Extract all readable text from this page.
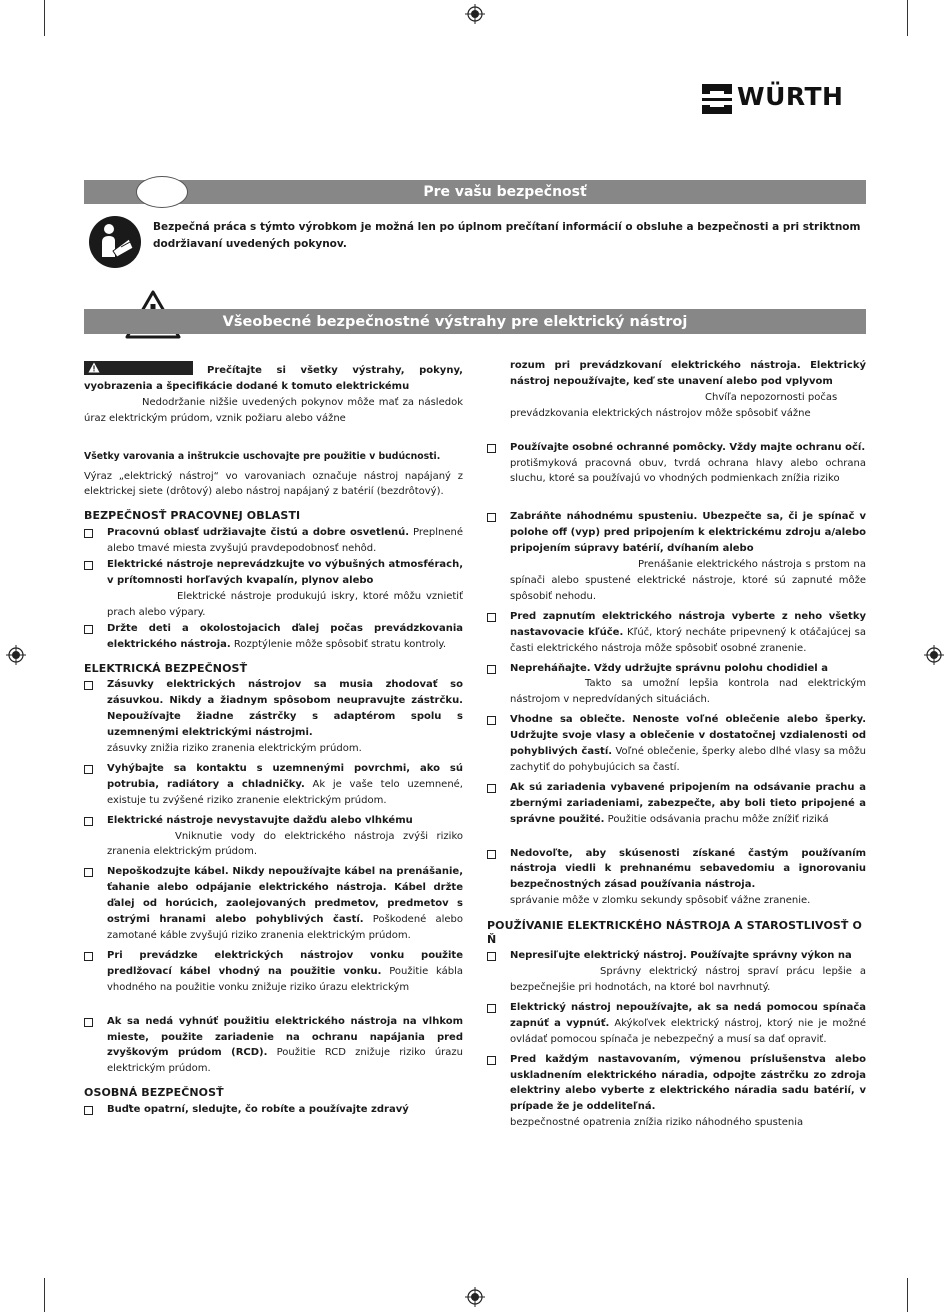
WÜRTH
Pre vašu bezpečnosť
Bezpečná práca s týmto výrobkom je možná len po úplnom prečítaní informácií o obsluhe a bezpečnosti a pri striktnom dodržiavaní uvedených pokynov.
Všeobecné bezpečnostné výstrahy pre elektrický nástroj

Prečítajte si všetky výstrahy, pokyny, vyobrazenia a špecifikácie dodané k tomuto elektrickému
Nedodržanie nižšie uvedených pokynov môže mať za následok úraz elektrickým prúdom, vznik požiaru alebo vážne

Všetky varovania a inštrukcie uschovajte pre použitie v budúcnosti.

Výraz „elektrický nástroj“ vo varovaniach označuje nástroj napájaný z elektrickej siete (drôtový) alebo nástroj napájaný z batérií (bezdrôtový).

BEZPEČNOSŤ PRACOVNEJ OBLASTI
Pracovnú oblasť udržiavajte čistú a dobre osvetlenú. Preplnené alebo tmavé miesta zvyšujú pravdepodobnosť nehôd.
Elektrické nástroje neprevádzkujte vo výbušných atmosférach, v prítomnosti horľavých kvapalín, plynov alebo
Elektrické nástroje produkujú iskry, ktoré môžu vznietiť prach alebo výpary.
Držte deti a okolostojacich ďalej počas prevádzkovania elektrického nástroja. Rozptýlenie môže spôsobiť stratu kontroly.
ELEKTRICKÁ BEZPEČNOSŤ
Zásuvky elektrických nástrojov sa musia zhodovať so zásuvkou. Nikdy a žiadnym spôsobom neupravujte zástrčku. Nepoužívajte žiadne zástrčky s adaptérom spolu s uzemnenými elektrickými nástrojmi.
zásuvky znižia riziko zranenia elektrickým prúdom.
Vyhýbajte sa kontaktu s uzemnenými povrchmi, ako sú potrubia, radiátory a chladničky. Ak je vaše telo uzemnené, existuje tu zvýšené riziko zranenie elektrickým prúdom.
Elektrické nástroje nevystavujte dažďu alebo vlhkému
Vniknutie vody do elektrického nástroja zvýši riziko zranenia elektrickým prúdom.
Nepoškodzujte kábel. Nikdy nepoužívajte kábel na prenášanie, ťahanie alebo odpájanie elektrického nástroja. Kábel držte ďalej od horúcich, zaolejovaných predmetov, predmetov s ostrými hranami alebo pohyblivých častí. Poškodené alebo zamotané káble zvyšujú riziko zranenia elektrickým prúdom.
Pri prevádzke elektrických nástrojov vonku použite predlžovací kábel vhodný na použitie vonku. Použitie kábla vhodného na použitie vonku znižuje riziko úrazu elektrickým
Ak sa nedá vyhnúť použitiu elektrického nástroja na vlhkom mieste, použite zariadenie na ochranu napájania pred zvyškovým prúdom (RCD). Použitie RCD znižuje riziko úrazu elektrickým prúdom.
OSOBNÁ BEZPEČNOSŤ
Buďte opatrní, sledujte, čo robíte a používajte zdravý
rozum pri prevádzkovaní elektrického nástroja. Elektrický nástroj nepoužívajte, keď ste unavení alebo pod vplyvom
Chvíľa nepozornosti počas
prevádzkovania elektrických nástrojov môže spôsobiť vážne
Používajte osobné ochranné pomôcky. Vždy majte ochranu očí.
protišmyková pracovná obuv, tvrdá ochrana hlavy alebo ochrana sluchu, ktoré sa používajú vo vhodných podmienkach znížia riziko
Zabráňte náhodnému spusteniu. Ubezpečte sa, či je spínač v polohe off (vyp) pred pripojením k elektrickému zdroju a/alebo pripojením súpravy batérií, dvíhaním alebo
Prenášanie elektrického nástroja s prstom na spínači alebo spustené elektrické nástroje, ktoré sú zapnuté môže spôsobiť nehodu.
Pred zapnutím elektrického nástroja vyberte z neho všetky nastavovacie kľúče. Kľúč, ktorý necháte pripevnený k otáčajúcej sa časti elektrického nástroja môže spôsobiť osobné zranenie.
Nepreháňajte. Vždy udržujte správnu polohu chodidiel a
Takto sa umožní lepšia kontrola nad elektrickým nástrojom v nepredvídaných situáciách.
Vhodne sa oblečte. Nenoste voľné oblečenie alebo šperky. Udržujte svoje vlasy a oblečenie v dostatočnej vzdialenosti od pohyblivých častí. Voľné oblečenie, šperky alebo dlhé vlasy sa môžu zachytiť do pohybujúcich sa častí.
Ak sú zariadenia vybavené pripojením na odsávanie prachu a zbernými zariadeniami, zabezpečte, aby boli tieto pripojené a správne použité. Použitie odsávania prachu môže znížiť riziká
Nedovoľte, aby skúsenosti získané častým používaním nástroja viedli k prehnanému sebavedomiu a ignorovaniu bezpečnostných zásad používania nástroja.
správanie môže v zlomku sekundy spôsobiť vážne zranenie.
POUŽÍVANIE ELEKTRICKÉHO NÁSTROJA A STAROSTLIVOSŤ O Ň
Nepresiľujte elektrický nástroj. Používajte správny výkon na
Správny elektrický nástroj spraví prácu lepšie a bezpečnejšie pri hodnotách, na ktoré bol navrhnutý.
Elektrický nástroj nepoužívajte, ak sa nedá pomocou spínača zapnúť a vypnúť. Akýkoľvek elektrický nástroj, ktorý nie je možné ovládať pomocou spínača je nebezpečný a musí sa dať opraviť.
Pred každým nastavovaním, výmenou príslušenstva alebo uskladnením elektrického náradia, odpojte zástrčku zo zdroja elektriny alebo vyberte z elektrického náradia sadu batérií, v prípade že je oddeliteľná.
bezpečnostné opatrenia znížia riziko náhodného spustenia
